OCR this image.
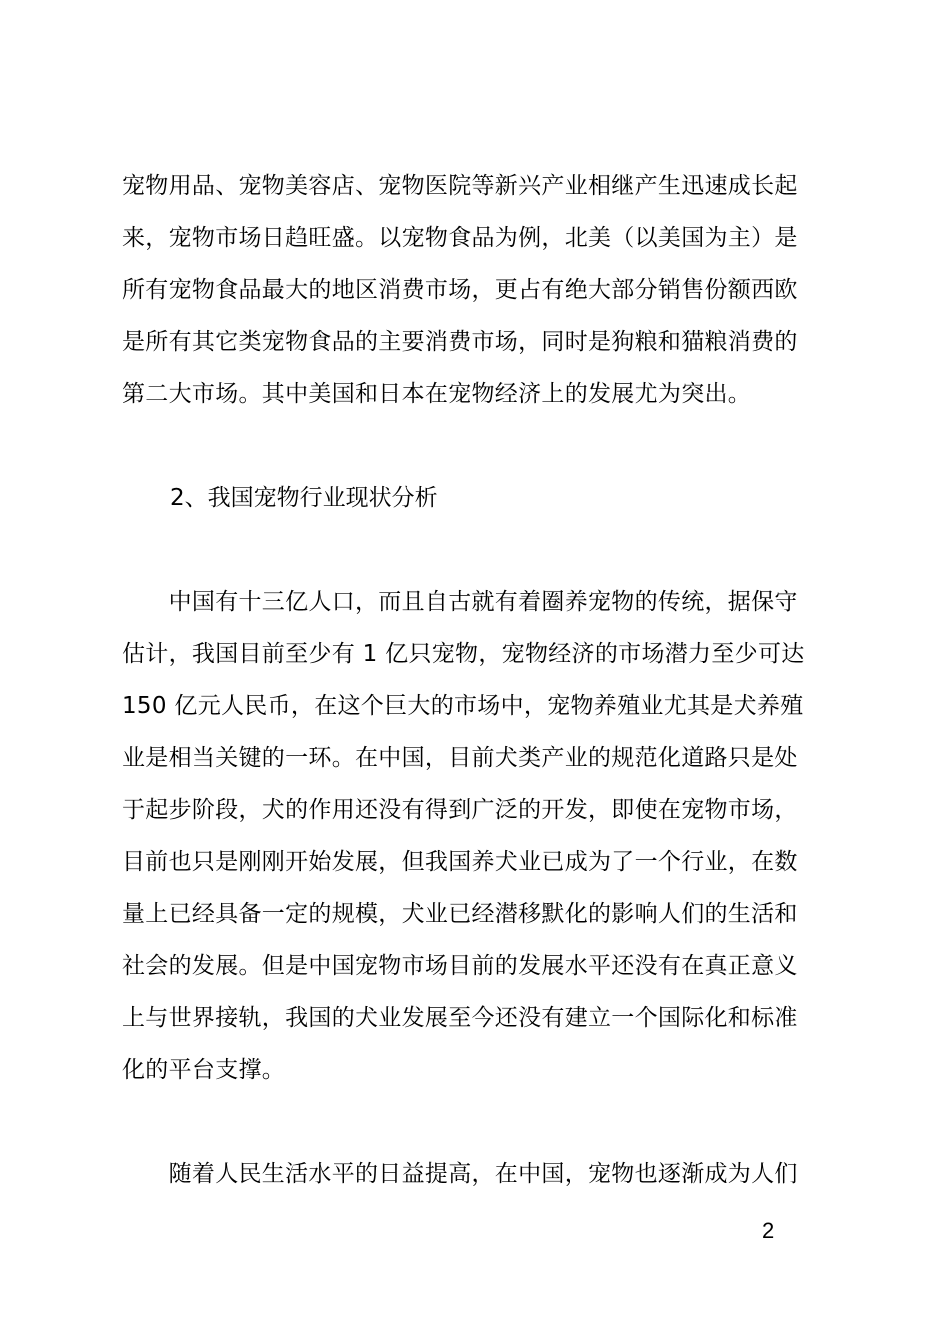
宠物用品、宠物美容店、宠物医院等新兴产业相继产生迅速成长起
来，宠物市场日趋旺盛。以宠物食品为例，北美（以美国为主）是
所有宠物食品最大的地区消费市场，更占有绝大部分销售份额西欧
是所有其它类宠物食品的主要消费市场，同时是狗粮和猫粮消费的
第二大市场。其中美国和日本在宠物经济上的发展尤为突出。

2、我国宠物行业现状分析

　　中国有十三亿人口，而且自古就有着圈养宠物的传统，据保守
估计，我国目前至少有 1 亿只宠物，宠物经济的市场潜力至少可达
150 亿元人民币，在这个巨大的市场中，宠物养殖业尤其是犬养殖
业是相当关键的一环。在中国，目前犬类产业的规范化道路只是处
于起步阶段，犬的作用还没有得到广泛的开发，即使在宠物市场，
目前也只是刚刚开始发展，但我国养犬业已成为了一个行业，在数
量上已经具备一定的规模，犬业已经潜移默化的影响人们的生活和
社会的发展。但是中国宠物市场目前的发展水平还没有在真正意义
上与世界接轨，我国的犬业发展至今还没有建立一个国际化和标准
化的平台支撑。

　　随着人民生活水平的日益提高，在中国，宠物也逐渐成为人们

2
